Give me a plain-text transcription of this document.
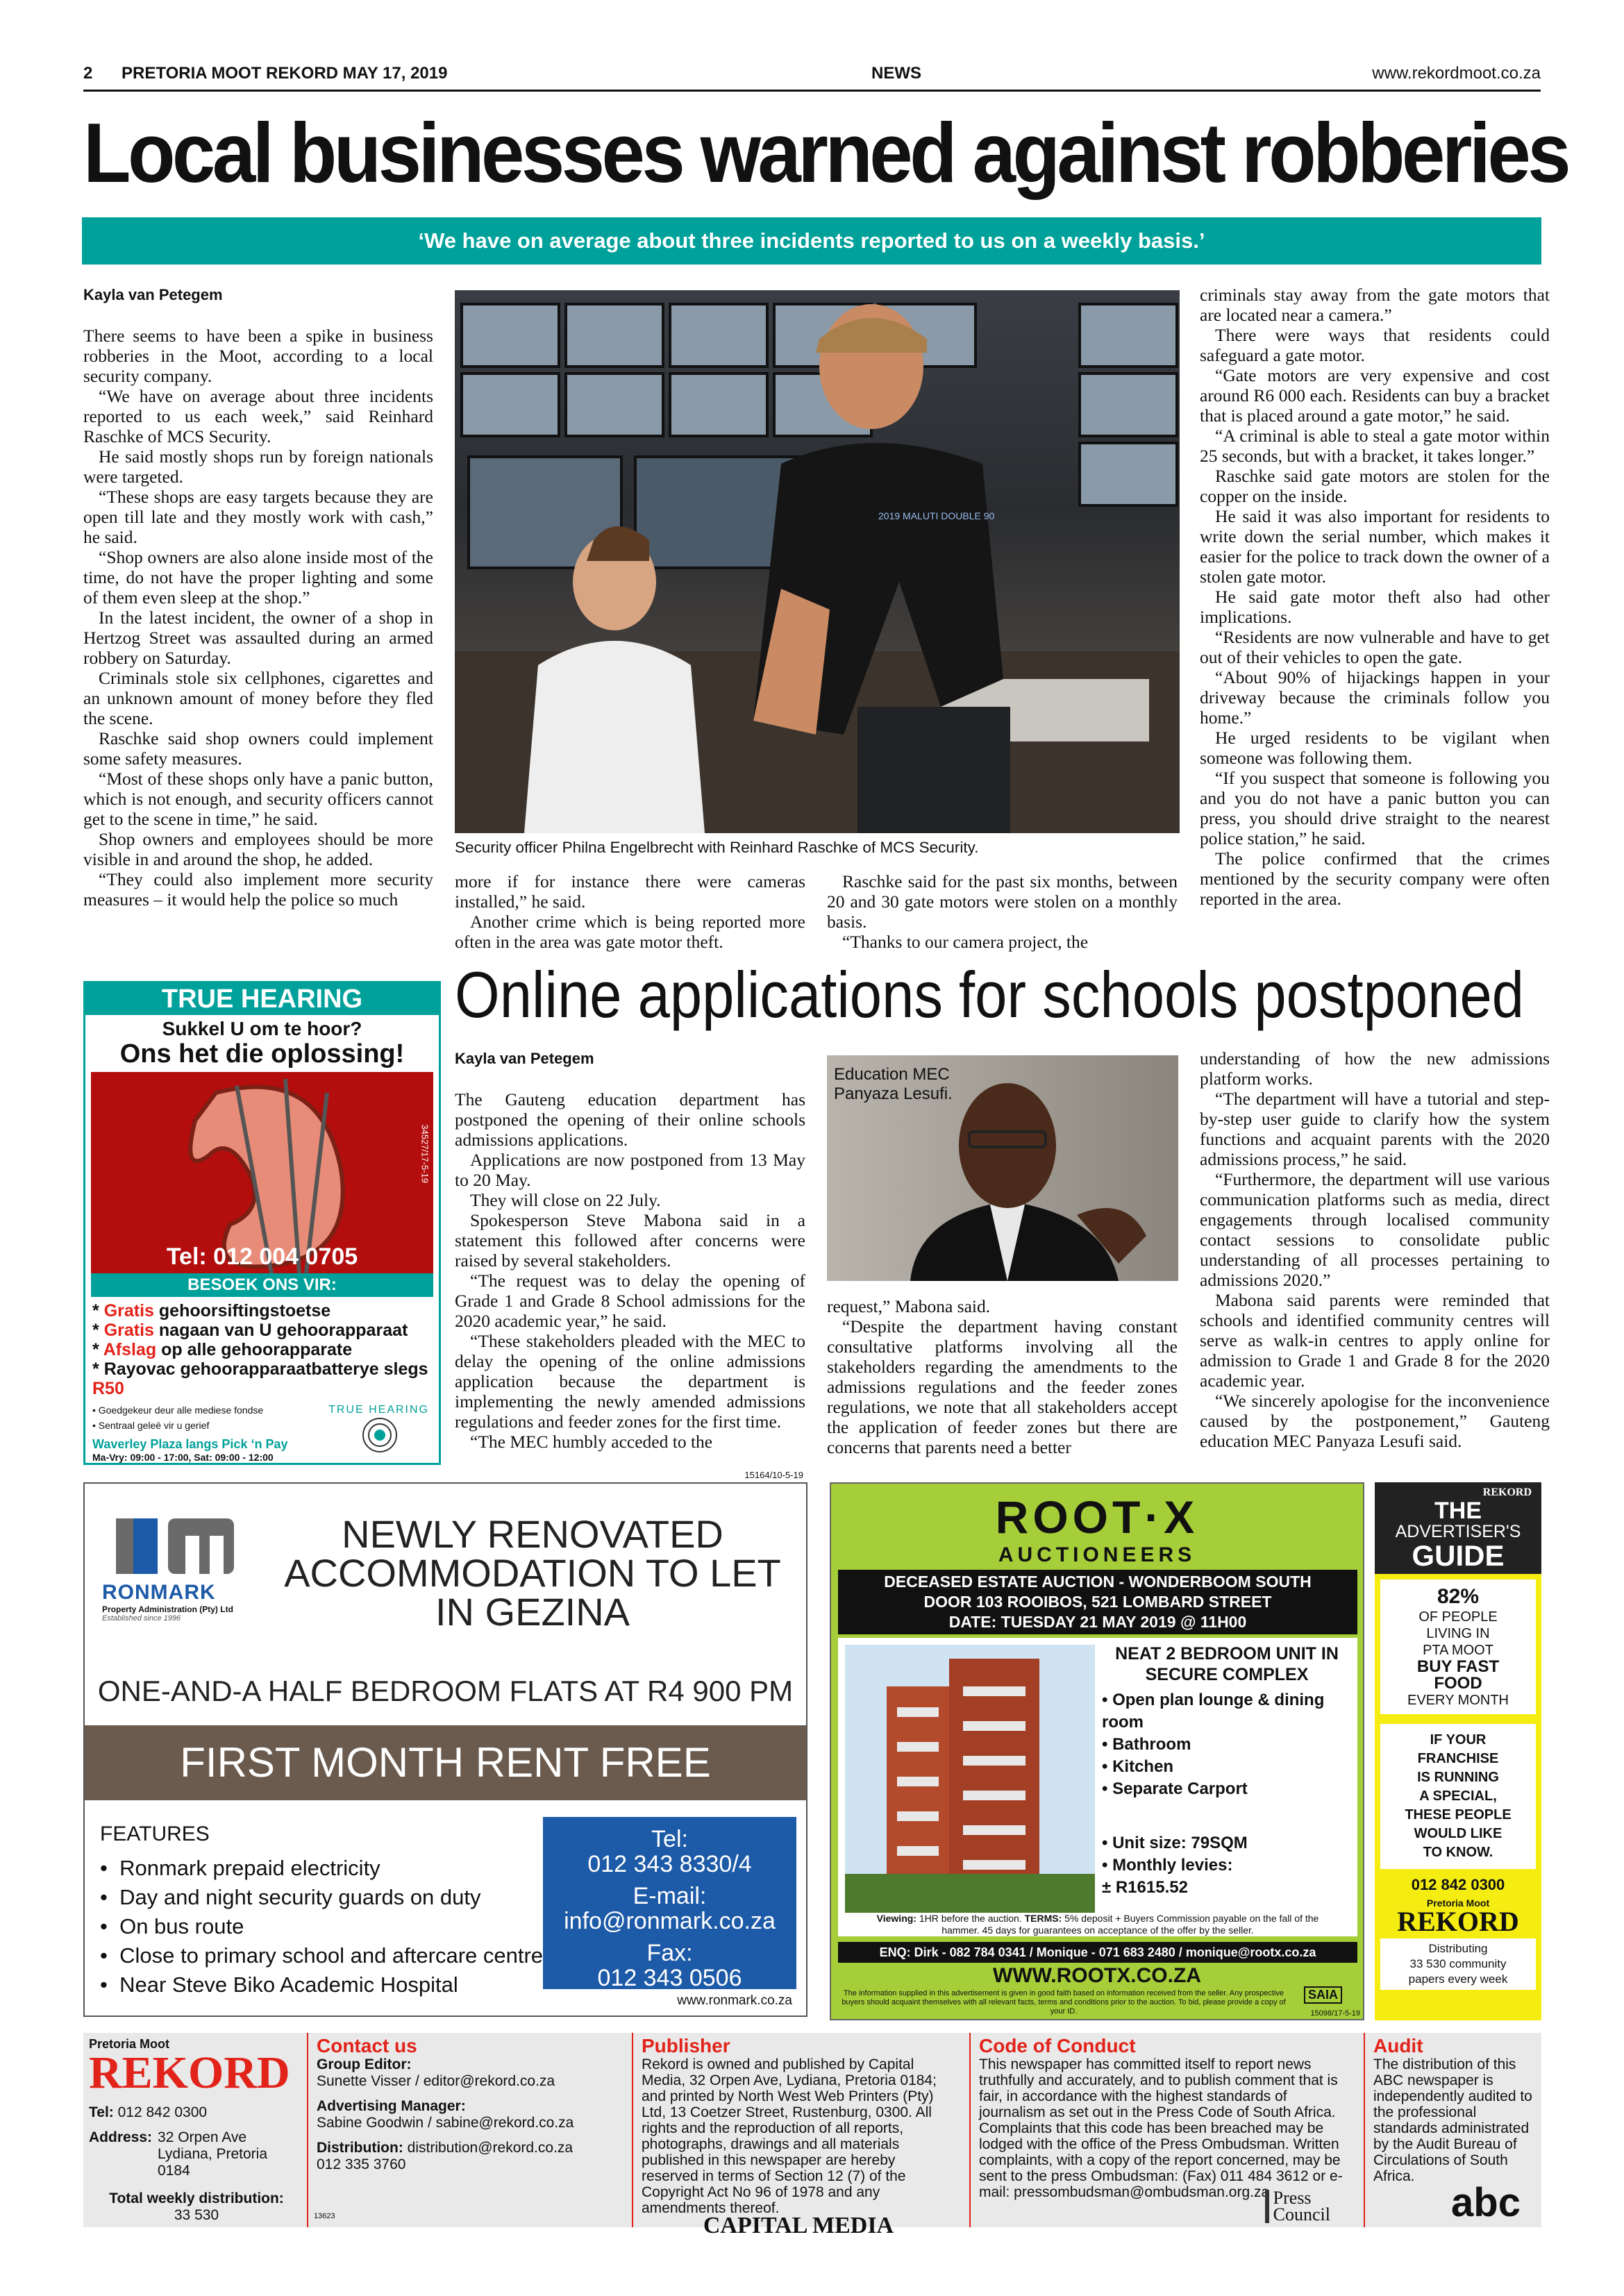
2 PRETORIA MOOT REKORD MAY 17, 2019	NEWS	www.rekordmoot.co.za
Local businesses warned against robberies
‘We have on average about three incidents reported to us on a weekly basis.’
Kayla van Petegem

There seems to have been a spike in business robberies in the Moot, according to a local security company.

“We have on average about three incidents reported to us each week,” said Reinhard Raschke of MCS Security.

He said mostly shops run by foreign nationals were targeted.

“These shops are easy targets because they are open till late and they mostly work with cash,” he said.

“Shop owners are also alone inside most of the time, do not have the proper lighting and some of them even sleep at the shop.”

In the latest incident, the owner of a shop in Hertzog Street was assaulted during an armed robbery on Saturday.

Criminals stole six cellphones, cigarettes and an unknown amount of money before they fled the scene.

Raschke said shop owners could implement some safety measures.

“Most of these shops only have a panic button, which is not enough, and security officers cannot get to the scene in time,” he said.

Shop owners and employees should be more visible in and around the shop, he added.

“They could also implement more security measures – it would help the police so much

2019 MALUTI DOUBLE 90
Security officer Philna Engelbrecht with Reinhard Raschke of MCS Security.

more if for instance there were cameras installed,” he said.

Another crime which is being reported more often in the area was gate motor theft.

Raschke said for the past six months, between 20 and 30 gate motors were stolen on a monthly basis.

“Thanks to our camera project, the

criminals stay away from the gate motors that are located near a camera.”

There were ways that residents could safeguard a gate motor.

“Gate motors are very expensive and cost around R6 000 each. Residents can buy a bracket that is placed around a gate motor,” he said.

“A criminal is able to steal a gate motor within 25 seconds, but with a bracket, it takes longer.”

Raschke said gate motors are stolen for the copper on the inside.

He said it was also important for residents to write down the serial number, which makes it easier for the police to track down the owner of a stolen gate motor.

He said gate motor theft also had other implications.

“Residents are now vulnerable and have to get out of their vehicles to open the gate.

“About 90% of hijackings happen in your driveway because the criminals follow you home.”

He urged residents to be vigilant when someone was following them.

“If you suspect that someone is following you and you do not have a panic button you can press, you should drive straight to the nearest police station,” he said.

The police confirmed that the crimes mentioned by the security company were often reported in the area.

TRUE HEARING
Sukkel U om te hoor?
Ons het die oplossing!
34527/17-5-19
Tel: 012 004 0705
BESOEK ONS VIR:
* Gratis gehoorsiftingstoetse
* Gratis nagaan van U gehoorapparaat
* Afslag op alle gehoorapparate
* Rayovac gehoorapparaatbatterye slegs R50
• Goedgekeur deur alle mediese fondse
• Sentraal geleë vir u gerief
TRUE HEARING
Waverley Plaza langs Pick ‘n Pay
Ma-Vry: 09:00 - 17:00, Sat: 09:00 - 12:00
Online applications for schools postponed
Kayla van Petegem

The Gauteng education department has postponed the opening of their online schools admissions applications.

Applications are now postponed from 13 May to 20 May.

They will close on 22 July.

Spokesperson Steve Mabona said in a statement this followed after concerns were raised by several stakeholders.

“The request was to delay the opening of Grade 1 and Grade 8 School admissions for the 2020 academic year,” he said.

“These stakeholders pleaded with the MEC to delay the opening of the online admissions application because the department is implementing the newly amended admissions regulations and feeder zones for the first time.

“The MEC humbly acceded to the

Education MEC Panyaza Lesufi.

request,” Mabona said.

“Despite the department having constant consultative platforms involving all the stakeholders regarding the amendments to the admissions regulations and the feeder zones regulations, we note that all stakeholders accept the application of feeder zones but there are concerns that parents need a better

understanding of how the new admissions platform works.

“The department will have a tutorial and step-by-step user guide to clarify how the system functions and acquaint parents with the 2020 admissions process,” he said.

“Furthermore, the department will use various communication platforms such as media, direct engagements through localised community contact sessions to consolidate public understanding of all processes pertaining to admissions 2020.”

Mabona said parents were reminded that schools and identified community centres will serve as walk-in centres to apply online for admission to Grade 1 and Grade 8 for the 2020 academic year.

“We sincerely apologise for the inconvenience caused by the postponement,” Gauteng education MEC Panyaza Lesufi said.

15164/10-5-19
RONMARK
Property Administration (Pty) Ltd
Established since 1996
NEWLY RENOVATED
ACCOMMODATION TO LET
IN GEZINA
ONE-AND-A HALF BEDROOM FLATS AT R4 900 PM
FIRST MONTH RENT FREE
FEATURES
•  Ronmark prepaid electricity
•  Day and night security guards on duty
•  On bus route
•  Close to primary school and aftercare centre
•  Near Steve Biko Academic Hospital
Tel:
012 343 8330/4
E-mail:
info@ronmark.co.za
Fax:
012 343 0506
www.ronmark.co.za
ROOT·X
AUCTIONEERS
DECEASED ESTATE AUCTION - WONDERBOOM SOUTH
DOOR 103 ROOIBOS, 521 LOMBARD STREET
DATE: TUESDAY 21 MAY 2019 @ 11H00
NEAT 2 BEDROOM UNIT IN SECURE COMPLEX
• Open plan lounge & dining room
• Bathroom
• Kitchen
• Separate Carport
• Unit size: 79SQM
• Monthly levies:
± R1615.52
Viewing: 1HR before the auction. TERMS: 5% deposit + Buyers Commission payable on the fall of the hammer. 45 days for guarantees on acceptance of the offer by the seller.
ENQ: Dirk - 082 784 0341 / Monique - 071 683 2480 / monique@rootx.co.za
WWW.ROOTX.CO.ZA
The information supplied in this advertisement is given in good faith based on information received from the seller. Any prospective buyers should acquaint themselves with all relevant facts, terms and conditions prior to the auction. To bid, please provide a copy of your ID.
SAIA
15098/17-5-19
REKORD
THE
ADVERTISER'S
GUIDE
82%
OF PEOPLE
LIVING IN
PTA MOOT
BUY FAST
FOOD
EVERY MONTH
IF YOUR
FRANCHISE
IS RUNNING
A SPECIAL,
THESE PEOPLE
WOULD LIKE
TO KNOW.
012 842 0300
Pretoria Moot
REKORD
Distributing
33 530 community
papers every week
Pretoria Moot
REKORD
Tel: 012 842 0300
Address: 32 Orpen Ave
Lydiana, Pretoria
0184
Total weekly distribution:
33 530
Contact us
Group Editor:
Sunette Visser / editor@rekord.co.za
Advertising Manager:
Sabine Goodwin / sabine@rekord.co.za
Distribution: distribution@rekord.co.za
012 335 3760
13623
Publisher
Rekord is owned and published by Capital Media, 32 Orpen Ave, Lydiana, Pretoria 0184; and printed by North West Web Printers (Pty) Ltd, 13 Coetzer Street, Rustenburg, 0300. All rights and the reproduction of all reports, photographs, drawings and all materials published in this newspaper are hereby reserved in terms of Section 12 (7) of the Copyright Act No 96 of 1978 and any amendments thereof.
CAPITAL MEDIA
Code of Conduct
This newspaper has committed itself to report news truthfully and accurately, and to publish comment that is fair, in accordance with the highest standards of journalism as set out in the Press Code of South Africa. Complaints that this code has been breached may be lodged with the office of the Press Ombudsman. Written complaints, with a copy of the report concerned, may be sent to the press Ombudsman: (Fax) 011 484 3612 or e-mail: pressombudsman@ombudsman.org.za Press
Council
Audit
The distribution of this ABC newspaper is independently audited to the professional standards administrated by the Audit Bureau of Circulations of South Africa.
abc
